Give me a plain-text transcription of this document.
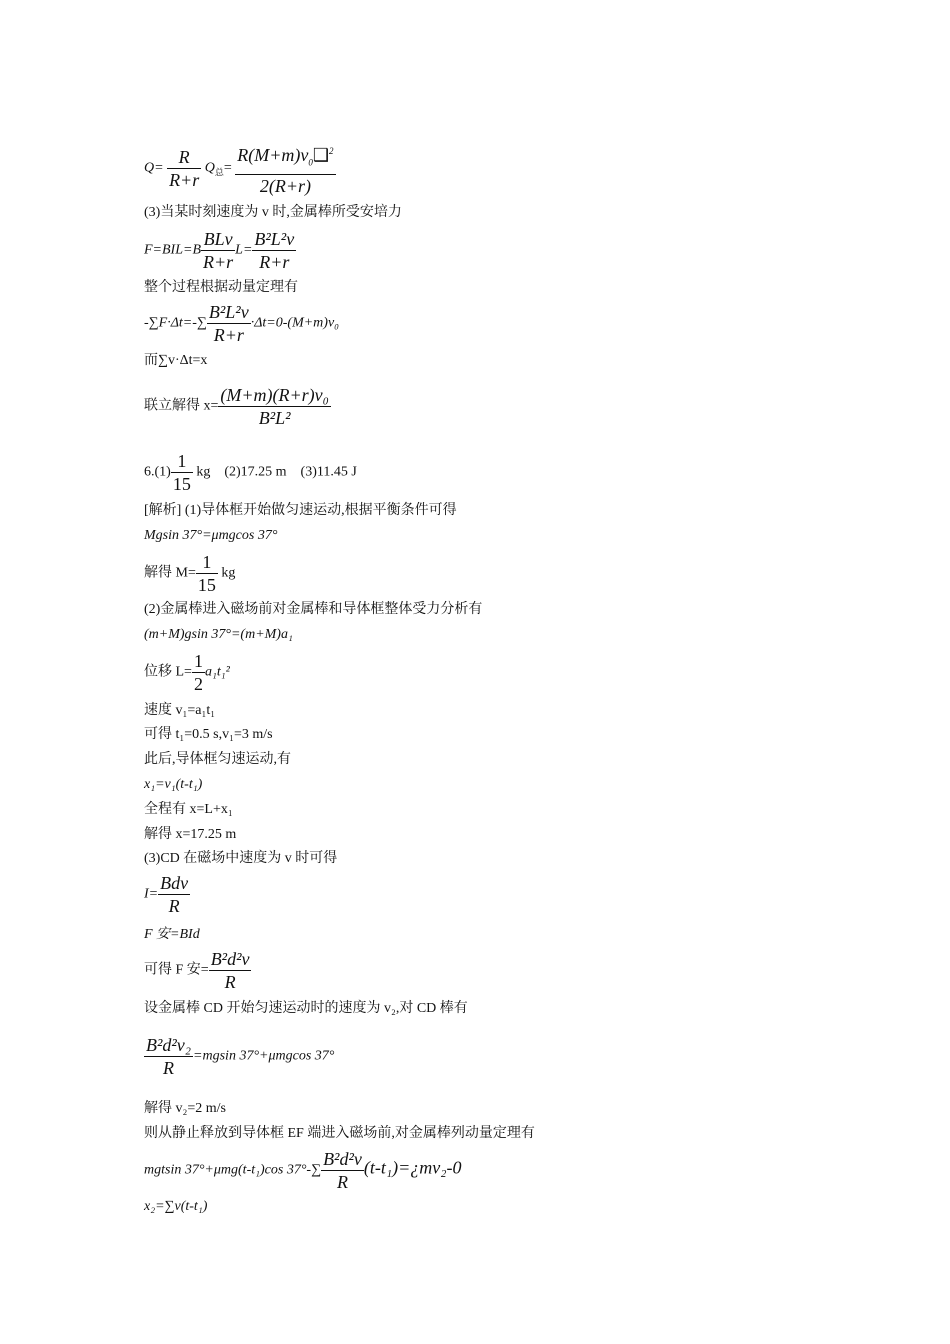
$Q= \frac{R}{R+r} Q_总= \frac{R(M+m)v_0❑^2}{2(R+r)}$
(3)当某时刻速度为 v 时,金属棒所受安培力
$F=BIL=B \frac{\text{BLv}}{R+r} L= \frac{\text{B²L²v}}{R+r}$
整个过程根据动量定理有
$-\sum F\cdot\Delta t=-\sum \frac{\text{B²L²v}}{R+r} \cdot\Delta t=0-(M+m)v_0$
而∑v·Δt=x
联立解得 $x= \frac{\text{(M+m)(R+r)v₀}}{\text{B²L²}}$
$6.(1) \frac{1}{15}$ kg    (2)17.25 m    (3)11.45 J
[解析] (1)导体框开始做匀速运动,根据平衡条件可得
Mgsin 37°=μmgcos 37°
解得 $M= \frac{1}{15}$ kg
(2)金属棒进入磁场前对金属棒和导体框整体受力分析有
(m+M)gsin 37°=(m+M)a₁
位移 $L= \frac{1}{2} a_1t_1^2$
速度 v₁=a₁t₁
可得 t₁=0.5 s,v₁=3 m/s
此后,导体框匀速运动,有
x₁=v₁(t-t₁)
全程有 x=L+x₁
解得 x=17.25 m
(3)CD 在磁场中速度为 v 时可得
$I= \frac{\text{Bdv}}{R}$
F 安=BId
可得 F 安= $\frac{\text{B²d²v}}{R}$
设金属棒 CD 开始匀速运动时的速度为 v₂,对 CD 棒有
$\frac{\text{B²d²v₂}}{R} =mgsin$ 37°+μmgcos 37°
解得 v₂=2 m/s
则从静止释放到导体框 EF 端进入磁场前,对金属棒列动量定理有
mgtsin 37°+μmg(t-t₁)cos $37^\circ-\sum \frac{\text{B²d²v}}{R}$ (t-t₁)=¿mv₂-0
x₂=∑v(t-t₁)
